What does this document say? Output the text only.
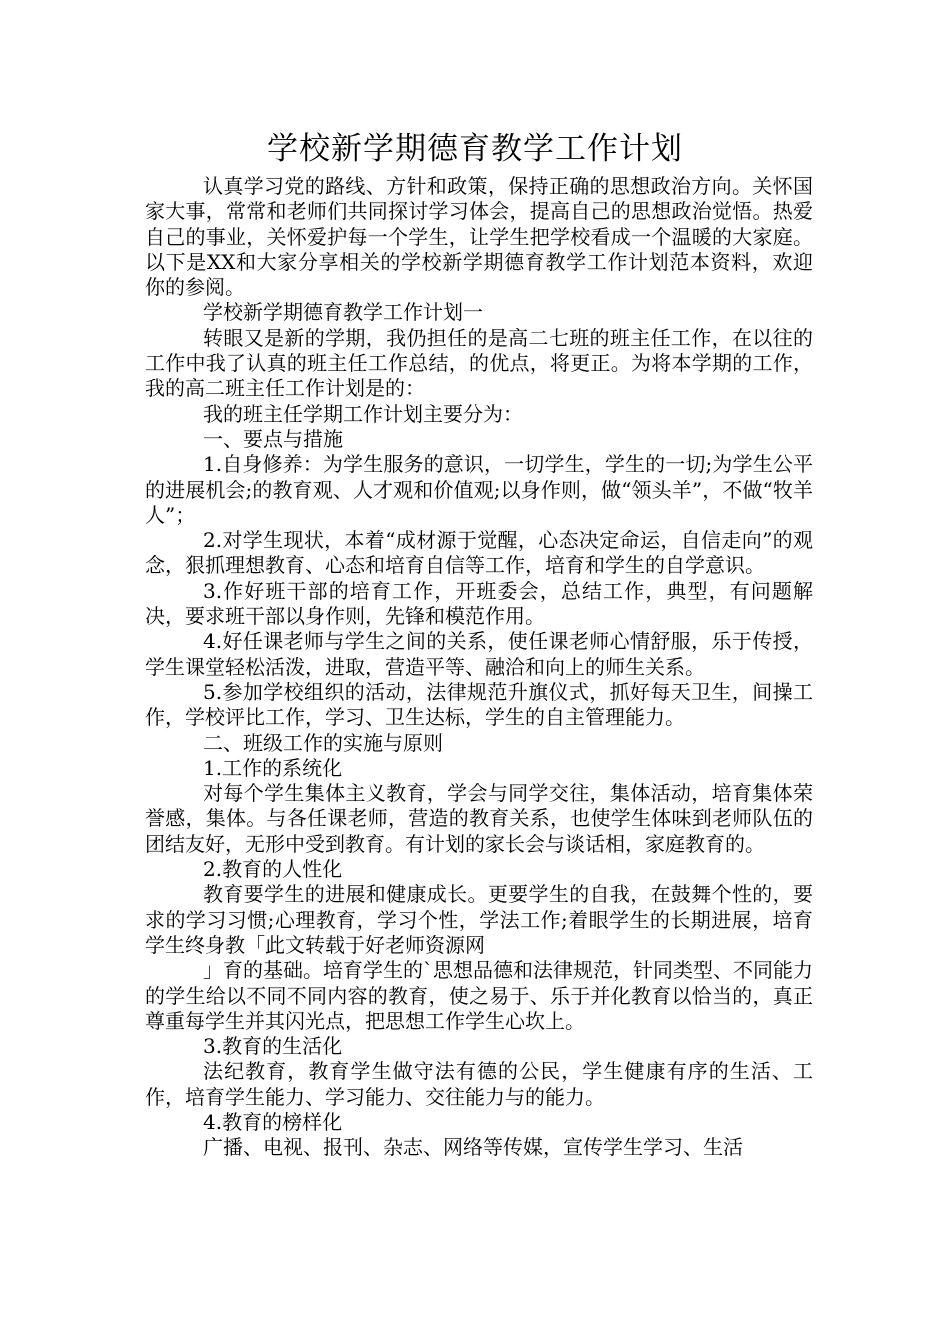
学校新学期德育教学工作计划

认真学习党的路线、方针和政策，保持正确的思想政治方向。关怀国家大事，常常和老师们共同探讨学习体会，提高自己的思想政治觉悟。热爱自己的事业，关怀爱护每一个学生，让学生把学校看成一个温暖的大家庭。以下是XX和大家分享相关的学校新学期德育教学工作计划范本资料，欢迎你的参阅。

学校新学期德育教学工作计划一

转眼又是新的学期，我仍担任的是高二七班的班主任工作，在以往的工作中我了认真的班主任工作总结，的优点，将更正。为将本学期的工作，我的高二班主任工作计划是的：

我的班主任学期工作计划主要分为：

一、要点与措施

1.自身修养：为学生服务的意识，一切学生，学生的一切;为学生公平的进展机会;的教育观、人才观和价值观;以身作则，做“领头羊”，不做“牧羊人”；

2.对学生现状，本着“成材源于觉醒，心态决定命运，自信走向”的观念，狠抓理想教育、心态和培育自信等工作，培育和学生的自学意识。

3.作好班干部的培育工作，开班委会，总结工作，典型，有问题解决，要求班干部以身作则，先锋和模范作用。

4.好任课老师与学生之间的关系，使任课老师心情舒服，乐于传授，学生课堂轻松活泼，进取，营造平等、融洽和向上的师生关系。

5.参加学校组织的活动，法律规范升旗仪式，抓好每天卫生，间操工作，学校评比工作，学习、卫生达标，学生的自主管理能力。

二、班级工作的实施与原则

1.工作的系统化

对每个学生集体主义教育，学会与同学交往，集体活动，培育集体荣誉感，集体。与各任课老师，营造的教育关系，也使学生体味到老师队伍的团结友好，无形中受到教育。有计划的家长会与谈话相，家庭教育的。

2.教育的人性化

教育要学生的进展和健康成长。更要学生的自我，在鼓舞个性的，要求的学习习惯;心理教育，学习个性，学法工作;着眼学生的长期进展，培育学生终身教「此文转载于好老师资源网

」育的基础。培育学生的`思想品德和法律规范，针同类型、不同能力的学生给以不同不同内容的教育，使之易于、乐于并化教育以恰当的，真正尊重每学生并其闪光点，把思想工作学生心坎上。

3.教育的生活化

法纪教育，教育学生做守法有德的公民，学生健康有序的生活、工作，培育学生能力、学习能力、交往能力与的能力。

4.教育的榜样化

广播、电视、报刊、杂志、网络等传媒，宣传学生学习、生活
